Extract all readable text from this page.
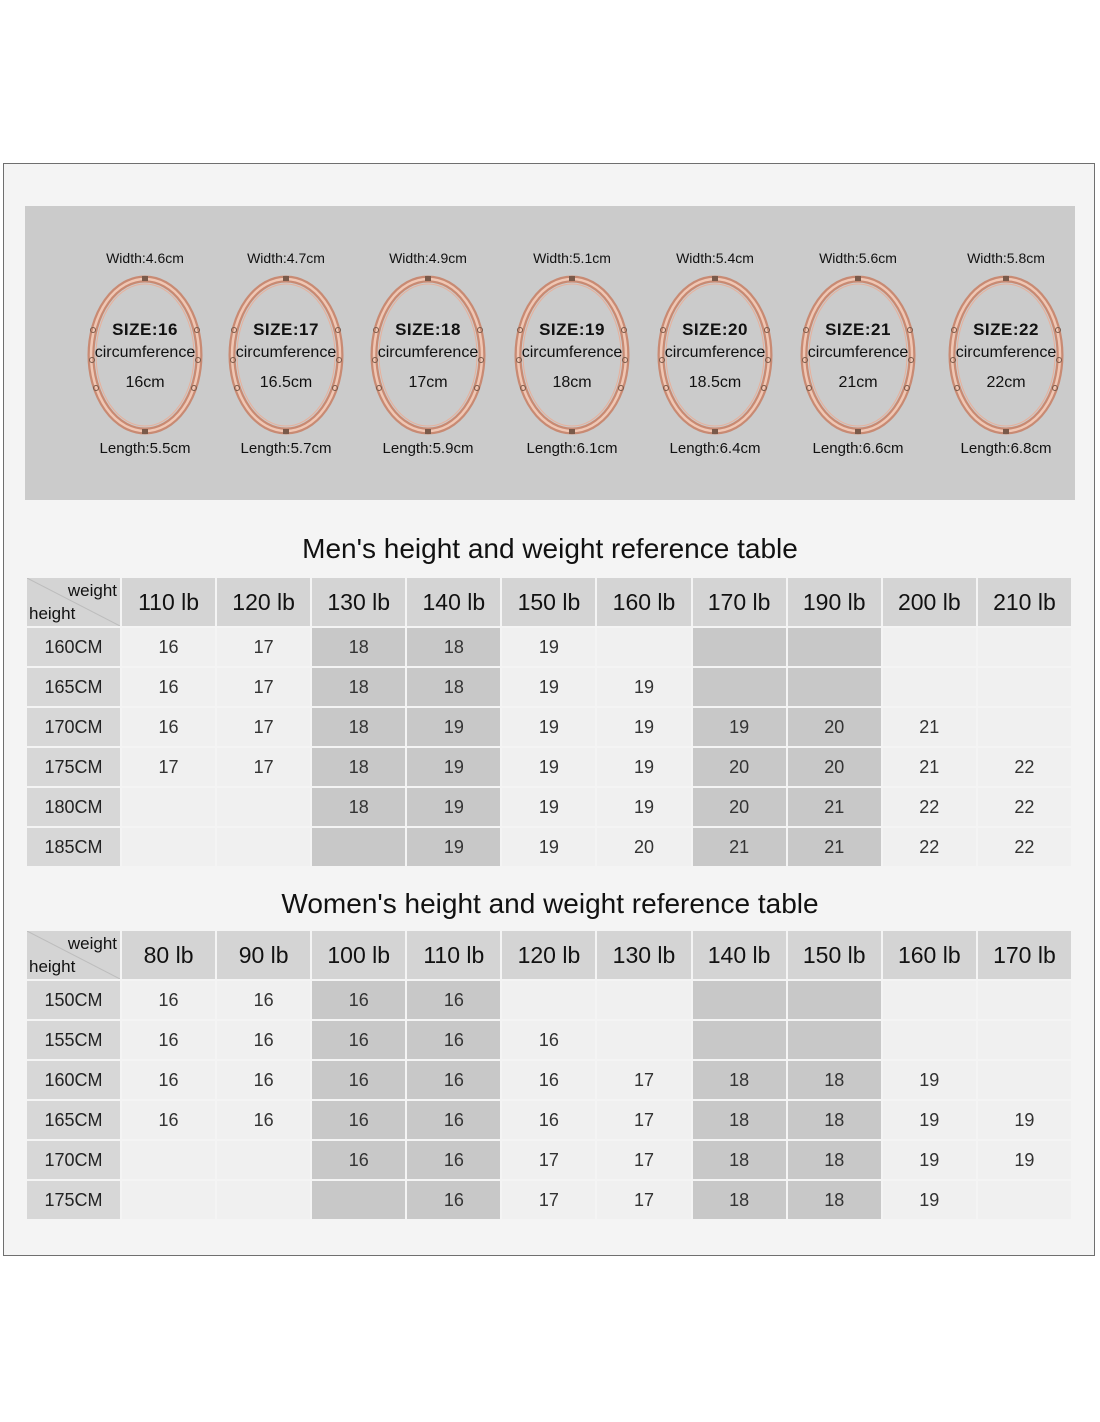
Width:4.6cm
SIZE:16
circumference
16cm
Length:5.5cm
Width:4.7cm
SIZE:17
circumference
16.5cm
Length:5.7cm
Width:4.9cm
SIZE:18
circumference
17cm
Length:5.9cm
Width:5.1cm
SIZE:19
circumference
18cm
Length:6.1cm
Width:5.4cm
SIZE:20
circumference
18.5cm
Length:6.4cm
Width:5.6cm
SIZE:21
circumference
21cm
Length:6.6cm
Width:5.8cm
SIZE:22
circumference
22cm
Length:6.8cm
Men's height and weight reference table
weight
height	110 lb	120 lb	130 lb	140 lb	150 lb	160 lb	170 lb	190 lb	200 lb	210 lb
160CM	16	17	18	18	19					
165CM	16	17	18	18	19	19				
170CM	16	17	18	19	19	19	19	20	21	
175CM	17	17	18	19	19	19	20	20	21	22
180CM			18	19	19	19	20	21	22	22
185CM				19	19	20	21	21	22	22
Women's height and weight reference table
weight
height	80 lb	90 lb	100 lb	110 lb	120 lb	130 lb	140 lb	150 lb	160 lb	170 lb
150CM	16	16	16	16						
155CM	16	16	16	16	16					
160CM	16	16	16	16	16	17	18	18	19	
165CM	16	16	16	16	16	17	18	18	19	19
170CM			16	16	17	17	18	18	19	19
175CM				16	17	17	18	18	19	
